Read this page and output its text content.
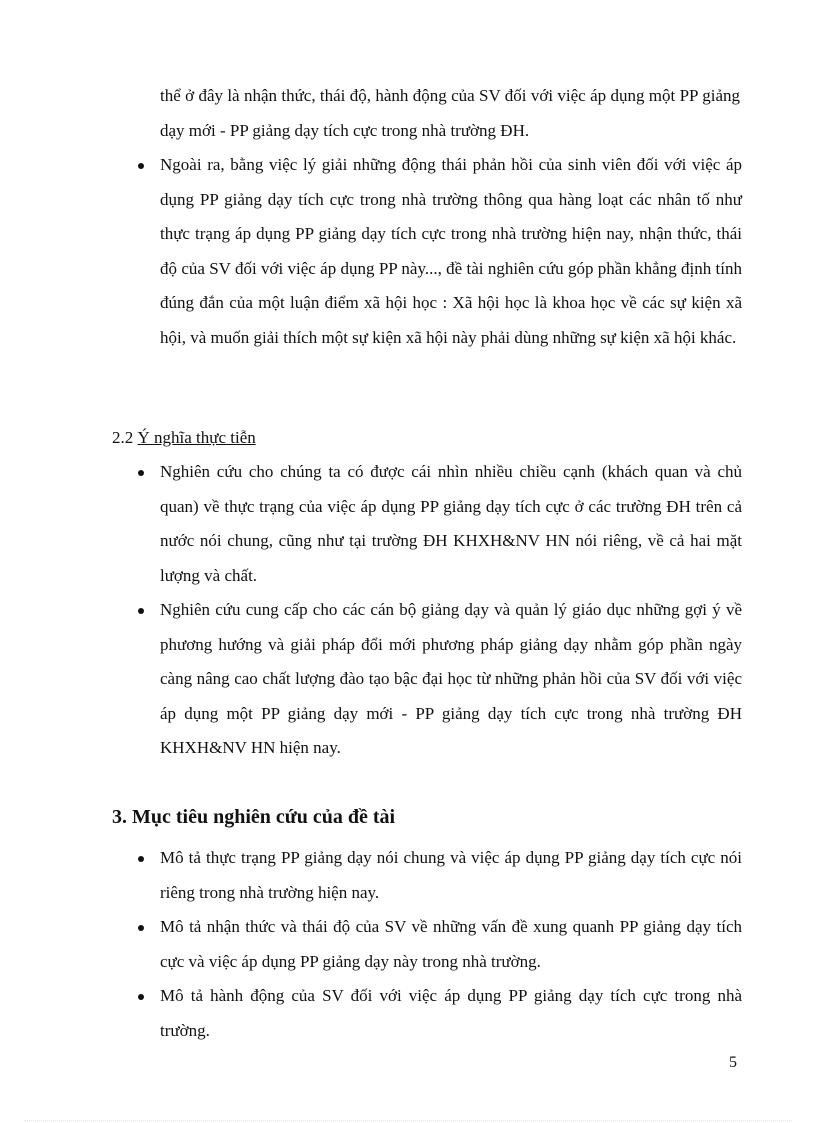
thể ở đây là nhận thức, thái độ, hành động của SV đối với việc áp dụng một PP giảng dạy mới - PP giảng dạy tích cực trong nhà trường ĐH.

Ngoài ra, bằng việc lý giải những động thái phản hồi của sinh viên đối với việc áp dụng PP giảng dạy tích cực trong nhà trường thông qua hàng loạt các nhân tố như thực trạng áp dụng PP giảng dạy tích cực trong nhà trường hiện nay, nhận thức, thái độ của SV đối với việc áp dụng PP này..., đề tài nghiên cứu góp phần khẳng định tính đúng đắn của một luận điểm xã hội học : Xã hội học là khoa học về các sự kiện xã hội, và muốn giải thích một sự kiện xã hội này phải dùng những sự kiện xã hội khác.
2.2 Ý nghĩa thực tiễn
Nghiên cứu cho chúng ta có được cái nhìn nhiều chiều cạnh (khách quan và chủ quan) về thực trạng của việc áp dụng PP giảng dạy tích cực ở các trường ĐH trên cả nước nói chung, cũng như tại trường ĐH KHXH&NV HN nói riêng, về cả hai mặt lượng và chất.
Nghiên cứu cung cấp cho các cán bộ giảng dạy và quản lý giáo dục những gợi ý về phương hướng và giải pháp đổi mới phương pháp giảng dạy nhằm góp phần ngày càng nâng cao chất lượng đào tạo bậc đại học từ những phản hồi của SV đối với việc áp dụng một PP giảng dạy mới - PP giảng dạy tích cực trong nhà trường ĐH KHXH&NV HN hiện nay.
3. Mục tiêu nghiên cứu của đề tài
Mô tả thực trạng PP giảng dạy nói chung và việc áp dụng PP giảng dạy tích cực nói riêng trong nhà trường hiện nay.
Mô tả nhận thức và thái độ của SV về những vấn đề xung quanh PP giảng dạy tích cực và việc áp dụng PP giảng dạy này trong nhà trường.
Mô tả hành động của SV đối với việc áp dụng PP giảng dạy tích cực trong nhà trường.
5
